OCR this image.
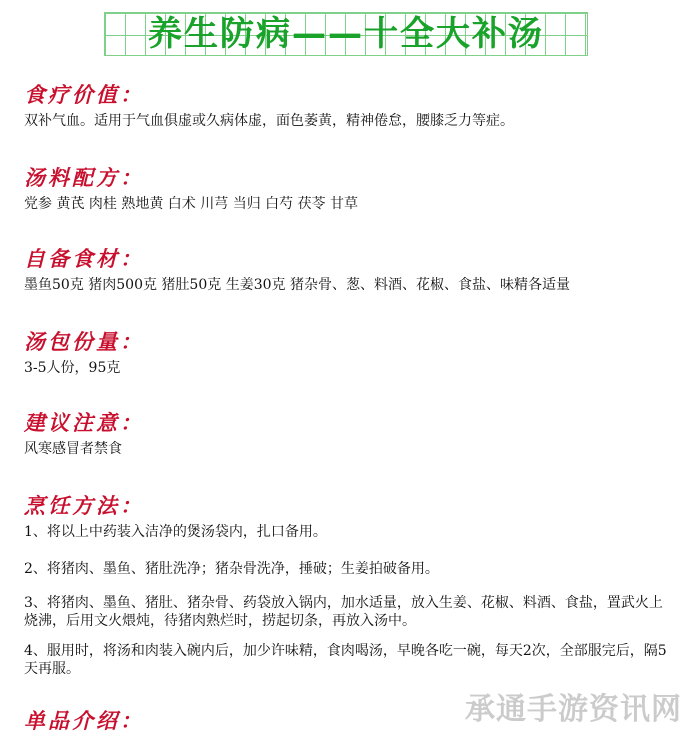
养生防病——十全大补汤
食疗价值：
双补气血。适用于气血俱虚或久病体虚，面色萎黄，精神倦怠，腰膝乏力等症。
汤料配方：
党参 黄芪 肉桂 熟地黄 白术 川芎 当归 白芍 茯苓 甘草
自备食材：
墨鱼50克 猪肉500克 猪肚50克 生姜30克 猪杂骨、葱、料酒、花椒、食盐、味精各适量
汤包份量：
3-5人份，95克
建议注意：
风寒感冒者禁食
烹饪方法：
1、将以上中药装入洁净的煲汤袋内，扎口备用。
2、将猪肉、墨鱼、猪肚洗净；猪杂骨洗净，捶破；生姜拍破备用。
3、将猪肉、墨鱼、猪肚、猪杂骨、药袋放入锅内，加水适量，放入生姜、花椒、料酒、食盐，置武火上烧沸，后用文火煨炖，待猪肉熟烂时，捞起切条，再放入汤中。
4、服用时，将汤和肉装入碗内后，加少许味精，食肉喝汤，早晚各吃一碗，每天2次，全部服完后，隔5天再服。
单品介绍：	承通手游资讯网
